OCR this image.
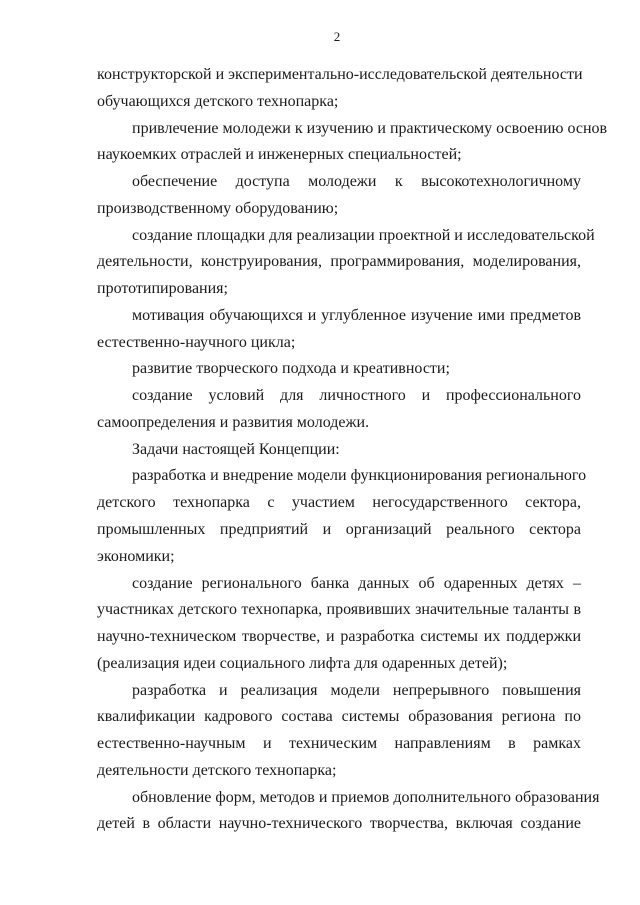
2
конструкторской и экспериментально-исследовательской деятельности
обучающихся детского технопарка;
привлечение молодежи к изучению и практическому освоению основ
наукоемких отраслей и инженерных специальностей;
обеспечение доступа молодежи к высокотехнологичному
производственному оборудованию;
создание площадки для реализации проектной и исследовательской
деятельности, конструирования, программирования, моделирования,
прототипирования;
мотивация обучающихся и углубленное изучение ими предметов
естественно-научного цикла;
развитие творческого подхода и креативности;
создание условий для личностного и профессионального
самоопределения и развития молодежи.
Задачи настоящей Концепции:
разработка и внедрение модели функционирования регионального
детского технопарка с участием негосударственного сектора,
промышленных предприятий и организаций реального сектора
экономики;
создание регионального банка данных об одаренных детях –
участниках детского технопарка, проявивших значительные таланты в
научно-техническом творчестве, и разработка системы их поддержки
(реализация идеи социального лифта для одаренных детей);
разработка и реализация модели непрерывного повышения
квалификации кадрового состава системы образования региона по
естественно-научным и техническим направлениям в рамках
деятельности детского технопарка;
обновление форм, методов и приемов дополнительного образования
детей в области научно-технического творчества, включая создание
